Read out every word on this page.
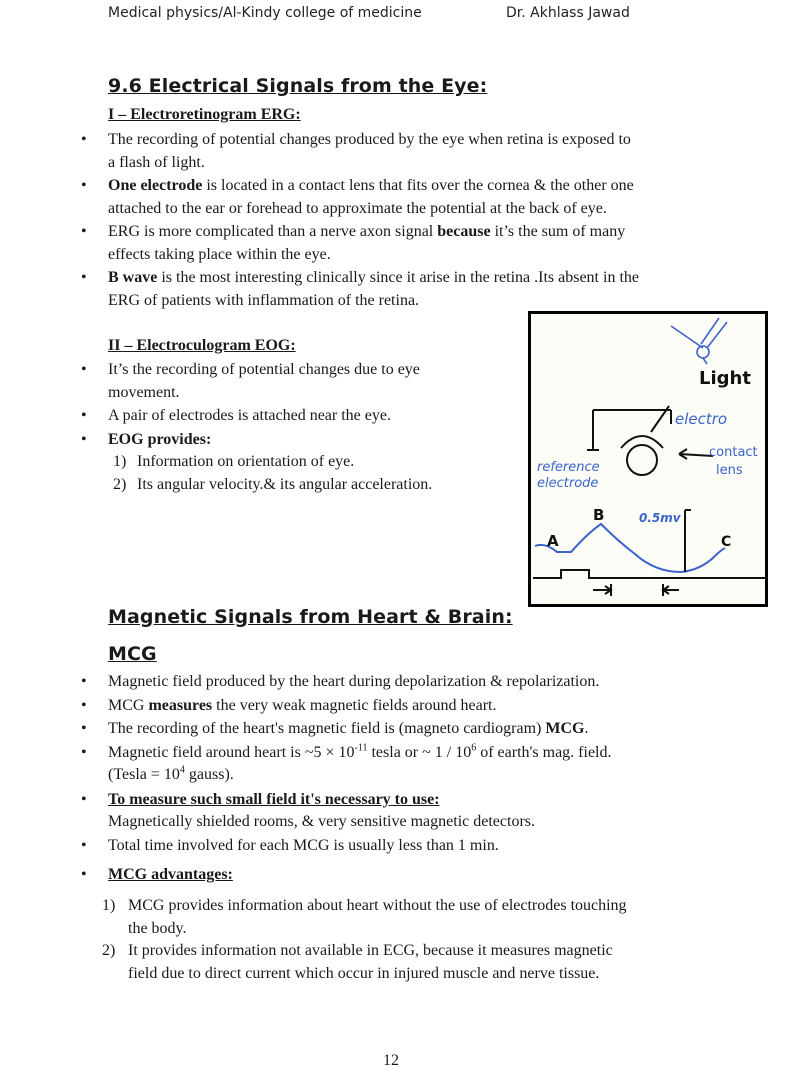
Medical physics/Al-Kindy college of medicine	Dr. Akhlass Jawad
9.6 Electrical Signals from the Eye:
I – Electroretinogram ERG:
• The recording of potential changes produced by the eye when retina is exposed to
a flash of light.
• One electrode is located in a contact lens that fits over the cornea & the other one
attached to the ear or forehead to approximate the potential at the back of eye.
• ERG is more complicated than a nerve axon signal because it’s the sum of many
effects taking place within the eye.
• B wave is the most interesting clinically since it arise in the retina .Its absent in the
ERG of patients with inflammation of the retina.
II – Electroculogram EOG:
• It’s the recording of potential changes due to eye
movement.
• A pair of electrodes is attached near the eye.
• EOG provides:
1) Information on orientation of eye.
2) Its angular velocity.& its angular acceleration.
Light
electro
contact
lens
reference
electrode
A
B
C
0.5mv
Magnetic Signals from Heart & Brain:
MCG
• Magnetic field produced by the heart during depolarization & repolarization.
• MCG measures the very weak magnetic fields around heart.
• The recording of the heart's magnetic field is (magneto cardiogram) MCG.
• Magnetic field around heart is ~5 × $10^{-11}$ tesla or ~ $1 / 10^6$ of earth's mag. field.
(Tesla = $10^4$ gauss).
• To measure such small field it's necessary to use:
Magnetically shielded rooms, & very sensitive magnetic detectors.
• Total time involved for each MCG is usually less than 1 min.
• MCG advantages:
1) MCG provides information about heart without the use of electrodes touching
the body.
2) It provides information not available in ECG, because it measures magnetic
field due to direct current which occur in injured muscle and nerve tissue.
12
